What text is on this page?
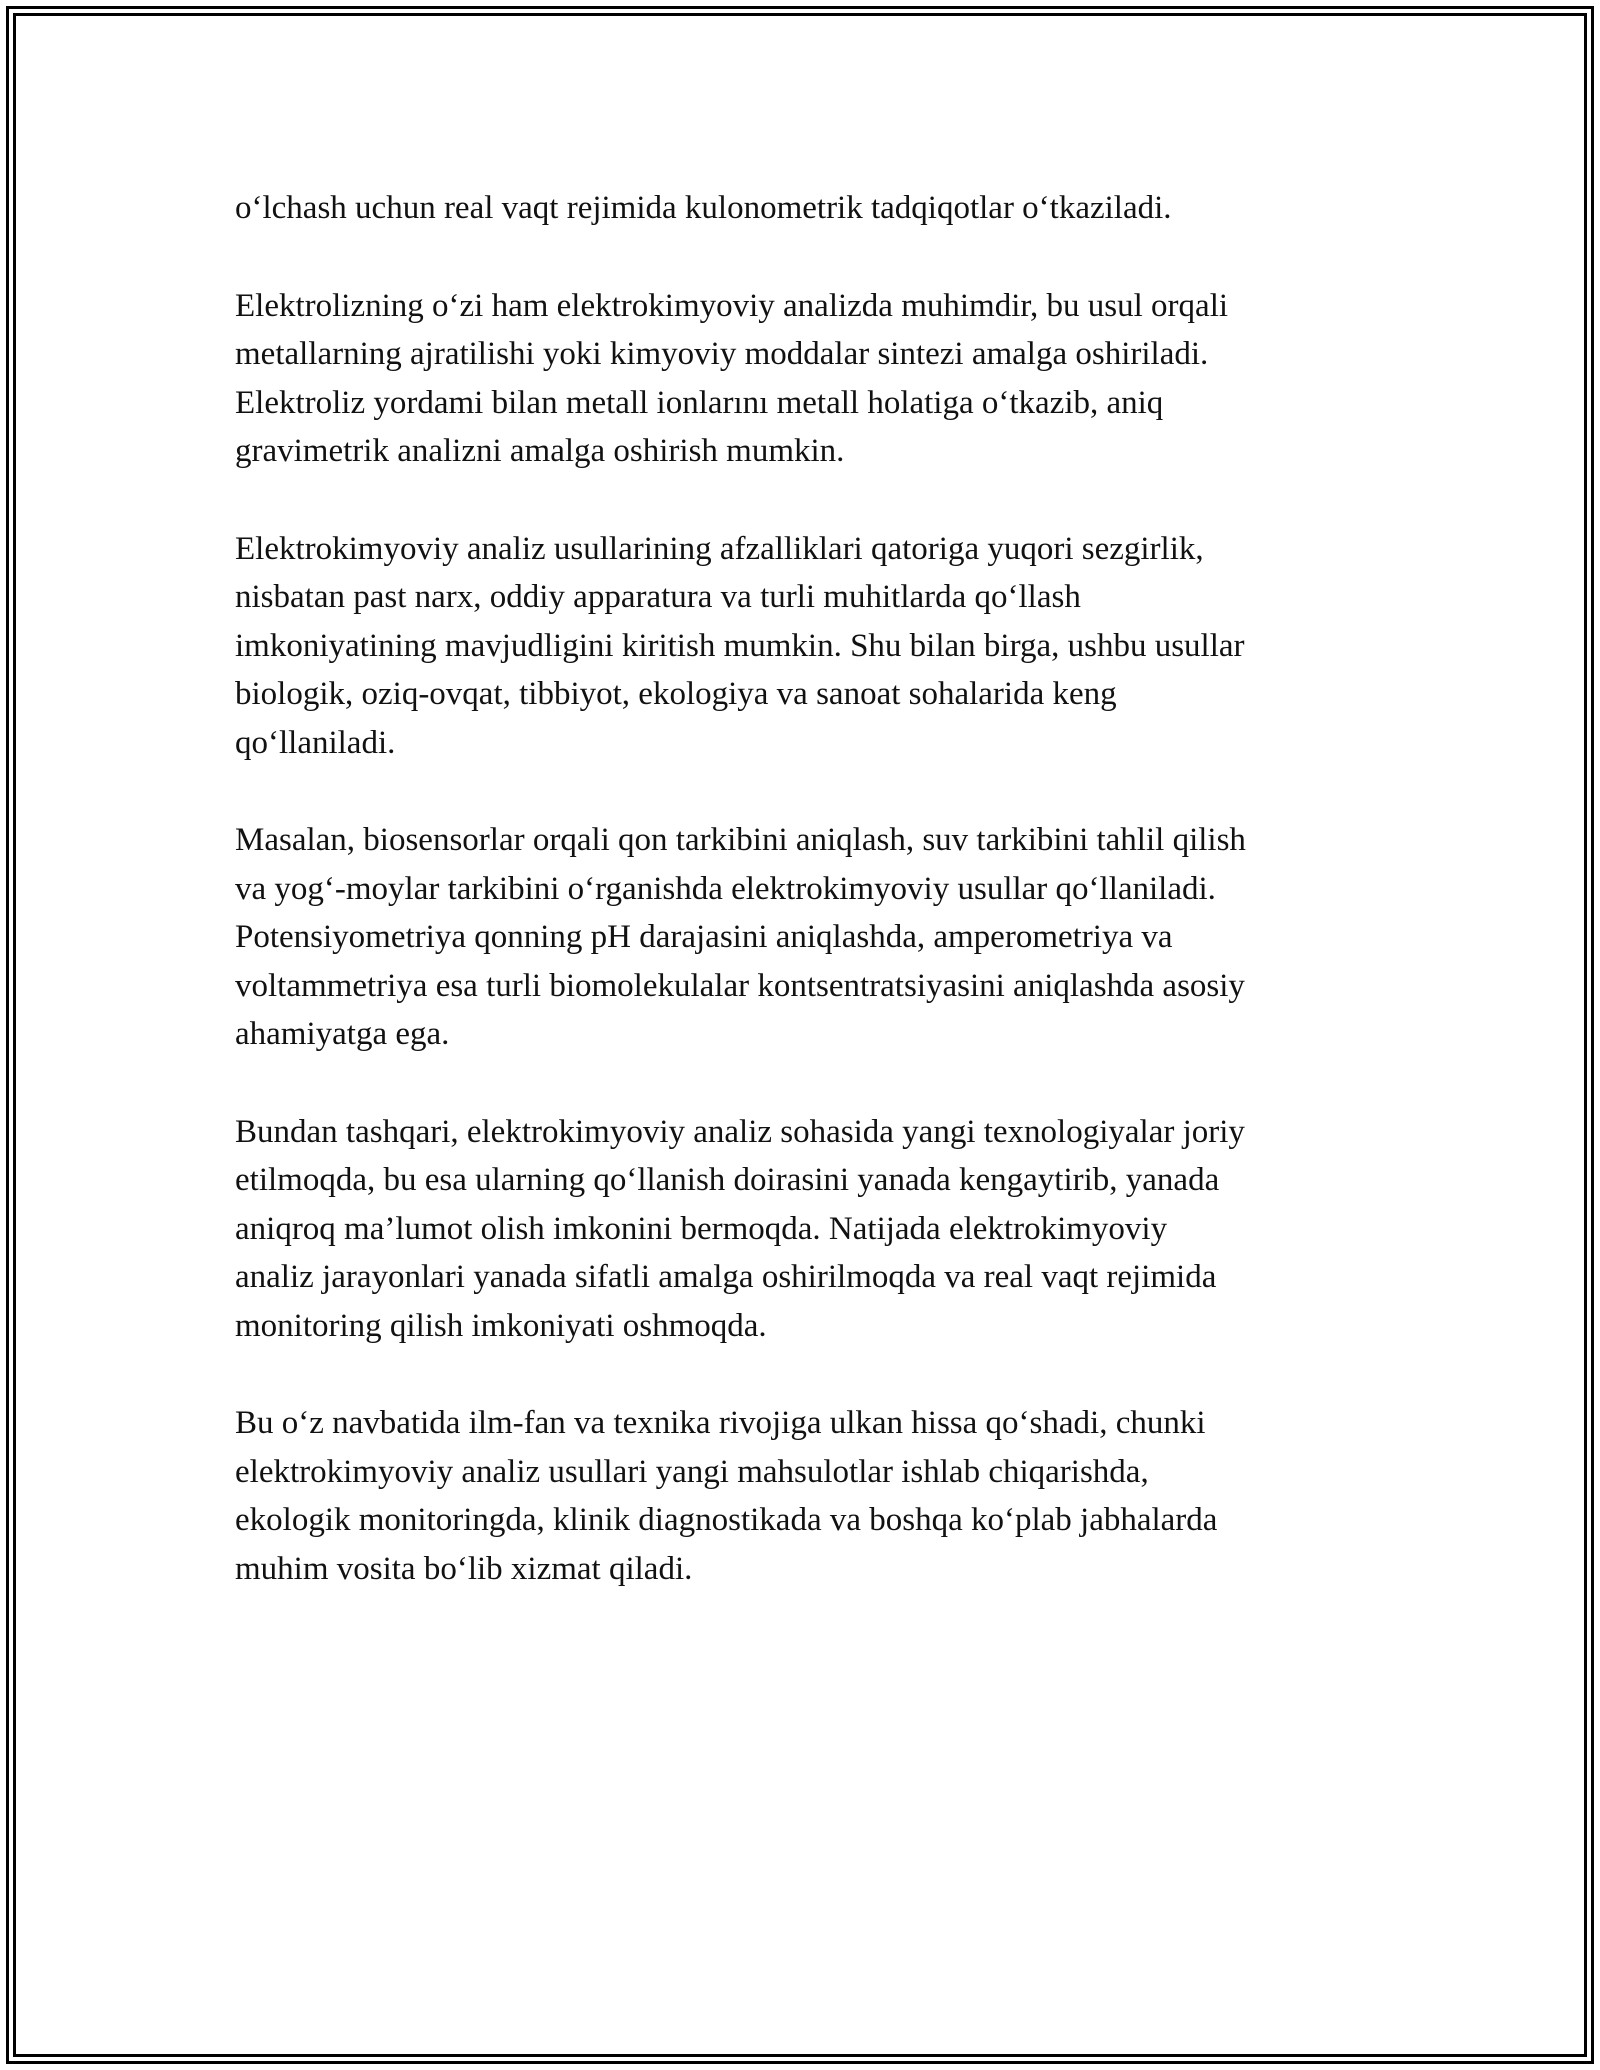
o‘lchash uchun real vaqt rejimida kulonometrik tadqiqotlar o‘tkaziladi.

Elektrolizning o‘zi ham elektrokimyoviy analizda muhimdir, bu usul orqali
metallarning ajratilishi yoki kimyoviy moddalar sintezi amalga oshiriladi.
Elektroliz yordami bilan metall ionlarını metall holatiga o‘tkazib, aniq
gravimetrik analizni amalga oshirish mumkin.

Elektrokimyoviy analiz usullarining afzalliklari qatoriga yuqori sezgirlik,
nisbatan past narx, oddiy apparatura va turli muhitlarda qo‘llash
imkoniyatining mavjudligini kiritish mumkin. Shu bilan birga, ushbu usullar
biologik, oziq-ovqat, tibbiyot, ekologiya va sanoat sohalarida keng
qo‘llaniladi.

Masalan, biosensorlar orqali qon tarkibini aniqlash, suv tarkibini tahlil qilish
va yog‘-moylar tarkibini o‘rganishda elektrokimyoviy usullar qo‘llaniladi.
Potensiyometriya qonning pH darajasini aniqlashda, amperometriya va
voltammetriya esa turli biomolekulalar kontsentratsiyasini aniqlashda asosiy
ahamiyatga ega.

Bundan tashqari, elektrokimyoviy analiz sohasida yangi texnologiyalar joriy
etilmoqda, bu esa ularning qo‘llanish doirasini yanada kengaytirib, yanada
aniqroq ma’lumot olish imkonini bermoqda. Natijada elektrokimyoviy
analiz jarayonlari yanada sifatli amalga oshirilmoqda va real vaqt rejimida
monitoring qilish imkoniyati oshmoqda.

Bu o‘z navbatida ilm-fan va texnika rivojiga ulkan hissa qo‘shadi, chunki
elektrokimyoviy analiz usullari yangi mahsulotlar ishlab chiqarishda,
ekologik monitoringda, klinik diagnostikada va boshqa ko‘plab jabhalarda
muhim vosita bo‘lib xizmat qiladi.
